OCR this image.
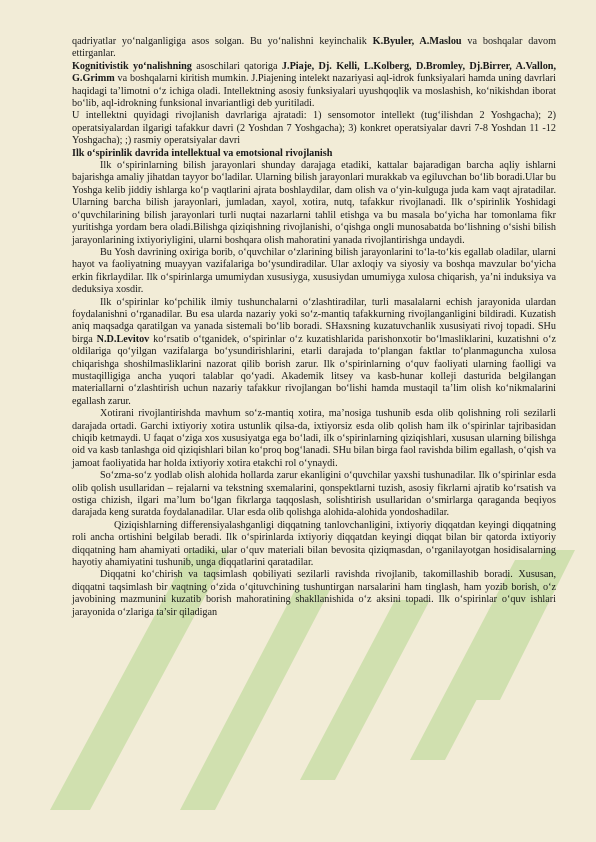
qadriyatlar yo‘nalganligiga asos solgan. Bu yo‘nalishni keyinchalik K.Byuler, A.Maslou va boshqalar davom ettirganlar.

Kognitivistik yo‘nalishning asoschilari qatoriga J.Piaje, Dj. Kelli, L.Kolberg, D.Bromley, Dj.Birrer, A.Vallon, G.Grimm va boshqalarni kiritish mumkin. J.Piajening intelekt nazariyasi aql-idrok funksiyalari hamda uning davrlari haqidagi ta’limotni o‘z ichiga oladi. Intellektning asosiy funksiyalari uyushqoqlik va moslashish, ko‘nikishdan iborat bo‘lib, aql-idrokning funksional invariantligi deb yuritiladi.

U intellektni quyidagi rivojlanish davrlariga ajratadi: 1) sensomotor intellekt (tug‘ilishdan 2 Yoshgacha); 2) operatsiyalardan ilgarigi tafakkur davri (2 Yoshdan 7 Yoshgacha); 3) konkret operatsiyalar davri 7-8 Yoshdan 11 -12 Yoshgacha); ;) rasmiy operatsiyalar davri

Ilk o‘spirinlik davrida intellektual va emotsional rivojlanish

Ilk o‘spirinlarning bilish jarayonlari shunday darajaga etadiki, kattalar bajaradigan barcha aqliy ishlarni bajarishga amaliy jihatdan tayyor bo‘ladilar. Ularning bilish jarayonlari murakkab va egiluvchan bo‘lib boradi.Ular bu Yoshga kelib jiddiy ishlarga ko‘p vaqtlarini ajrata boshlaydilar, dam olish va o‘yin-kulguga juda kam vaqt ajratadilar. Ularning barcha bilish jarayonlari, jumladan, xayol, xotira, nutq, tafakkur rivojlanadi. Ilk o‘spirinlik Yoshidagi o‘quvchilarining bilish jarayonlari turli nuqtai nazarlarni tahlil etishga va bu masala bo‘yicha har tomonlama fikr yuritishga yordam bera oladi.Bilishga qiziqishning rivojlanishi, o‘qishga ongli munosabatda bo‘lishning o‘sishi bilish jarayonlarining ixtiyoriyligini, ularni boshqara olish mahoratini yanada rivojlantirishga undaydi.

Bu Yosh davrining oxiriga borib, o‘quvchilar o‘zlarining bilish jarayonlarini to‘la-to‘kis egallab oladilar, ularni hayot va faoliyatning muayyan vazifalariga bo‘ysundiradilar. Ular axloqiy va siyosiy va boshqa mavzular bo‘yicha erkin fikrlaydilar. Ilk o‘spirinlarga umumiydan xususiyga, xususiydan umumiyga xulosa chiqarish, ya’ni induksiya va deduksiya xosdir.

Ilk o‘spirinlar ko‘pchilik ilmiy tushunchalarni o‘zlashtiradilar, turli masalalarni echish jarayonida ulardan foydalanishni o‘rganadilar. Bu esa ularda nazariy yoki so‘z-mantiq tafakkurning rivojlanganligini bildiradi. Kuzatish aniq maqsadga qaratilgan va yanada sistemali bo‘lib boradi. SHaxsning kuzatuvchanlik xususiyati rivoj topadi. SHu birga N.D.Levitov ko‘rsatib o‘tganidek, o‘spirinlar o‘z kuzatishlarida parishonxotir bo‘lmasliklarini, kuzatishni o‘z oldilariga qo‘yilgan vazifalarga bo‘ysundirishlarini, etarli darajada to‘plangan faktlar to‘planmaguncha xulosa chiqarishga shoshilmasliklarini nazorat qilib borish zarur. Ilk o‘spirinlarning o‘quv faoliyati ularning faolligi va mustaqilligiga ancha yuqori talablar qo‘yadi. Akademik litsey va kasb-hunar kolleji dasturida belgilangan materiallarni o‘zlashtirish uchun nazariy tafakkur rivojlangan bo‘lishi hamda mustaqil ta’lim olish ko‘nikmalarini egallash zarur.

Xotirani rivojlantirishda mavhum so‘z-mantiq xotira, ma’nosiga tushunib esda olib qolishning roli sezilarli darajada ortadi. Garchi ixtiyoriy xotira ustunlik qilsa-da, ixtiyorsiz esda olib qolish ham ilk o‘spirinlar tajribasidan chiqib ketmaydi. U faqat o‘ziga xos xususiyatga ega bo‘ladi, ilk o‘spirinlarning qiziqishlari, xususan ularning bilishga oid va kasb tanlashga oid qiziqishlari bilan ko‘proq bog‘lanadi. SHu bilan birga faol ravishda bilim egallash, o‘qish va jamoat faoliyatida har holda ixtiyoriy xotira etakchi rol o‘ynaydi.

So‘zma-so‘z yodlab olish alohida hollarda zarur ekanligini o‘quvchilar yaxshi tushunadilar. Ilk o‘spirinlar esda olib qolish usullaridan – rejalarni va tekstning sxemalarini, qonspektlarni tuzish, asosiy fikrlarni ajratib ko‘rsatish va ostiga chizish, ilgari ma’lum bo‘lgan fikrlarga taqqoslash, solishtirish usullaridan o‘smirlarga qaraganda beqiyos darajada keng suratda foydalanadilar. Ular esda olib qolishga alohida-alohida yondoshadilar.

Qiziqishlarning differensiyalashganligi diqqatning tanlovchanligini, ixtiyoriy diqqatdan keyingi diqqatning roli ancha ortishini belgilab beradi. Ilk o‘spirinlarda ixtiyoriy diqqatdan keyingi diqqat bilan bir qatorda ixtiyoriy diqqatning ham ahamiyati ortadiki, ular o‘quv materiali bilan bevosita qiziqmasdan, o‘rganilayotgan hosidisalarning hayotiy ahamiyatini tushunib, unga diqqatlarini qaratadilar.

Diqqatni ko‘chirish va taqsimlash qobiliyati sezilarli ravishda rivojlanib, takomillashib boradi. Xususan, diqqatni taqsimlash bir vaqtning o‘zida o‘qituvchining tushuntirgan narsalarini ham tinglash, ham yozib borish, o‘z javobining mazmunini kuzatib borish mahoratining shakllanishida o‘z aksini topadi. Ilk o‘spirinlar o‘quv ishlari jarayonida o‘zlariga ta’sir qiladigan
